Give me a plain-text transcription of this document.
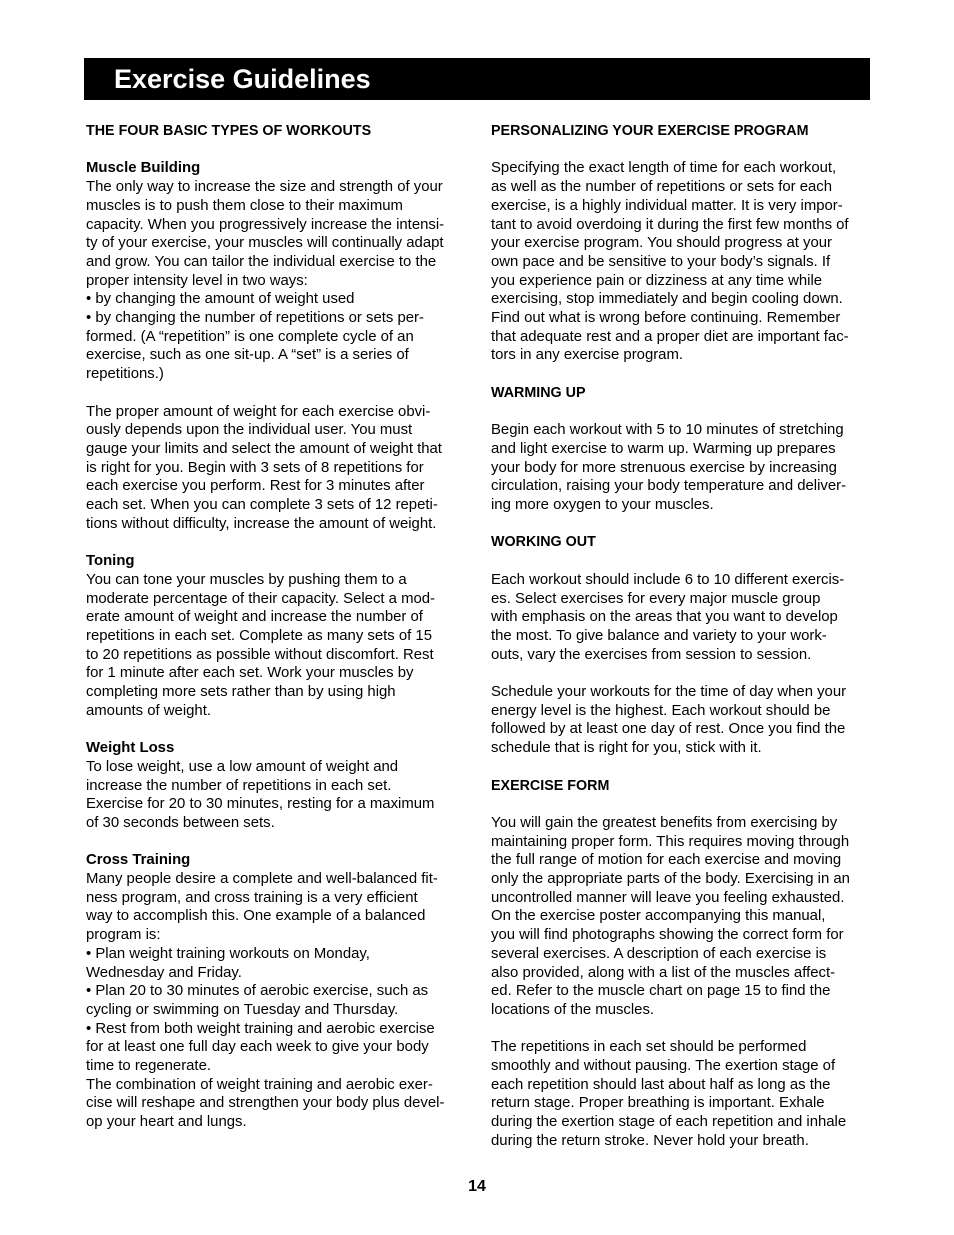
Exercise Guidelines
THE FOUR BASIC TYPES OF WORKOUTS
Muscle Building
The only way to increase the size and strength of your
muscles is to push them close to their maximum
capacity. When you progressively increase the intensi-
ty of your exercise, your muscles will continually adapt
and grow. You can tailor the individual exercise to the
proper intensity level in two ways:
• by changing the amount of weight used
• by changing the number of repetitions or sets per-
formed. (A “repetition” is one complete cycle of an
exercise, such as one sit-up. A “set” is a series of
repetitions.)
The proper amount of weight for each exercise obvi-
ously depends upon the individual user. You must
gauge your limits and select the amount of weight that
is right for you. Begin with 3 sets of 8 repetitions for
each exercise you perform. Rest for 3 minutes after
each set. When you can complete 3 sets of 12 repeti-
tions without difficulty, increase the amount of weight.
Toning
You can tone your muscles by pushing them to a
moderate percentage of their capacity. Select a mod-
erate amount of weight and increase the number of
repetitions in each set. Complete as many sets of 15
to 20 repetitions as possible without discomfort. Rest
for 1 minute after each set. Work your muscles by
completing more sets rather than by using high
amounts of weight.
Weight Loss
To lose weight, use a low amount of weight and
increase the number of repetitions in each set.
Exercise for 20 to 30 minutes, resting for a maximum
of 30 seconds between sets.
Cross Training
Many people desire a complete and well-balanced fit-
ness program, and cross training is a very efficient
way to accomplish this. One example of a balanced
program is:
• Plan weight training workouts on Monday,
Wednesday and Friday.
• Plan 20 to 30 minutes of aerobic exercise, such as
cycling or swimming on Tuesday and Thursday.
• Rest from both weight training and aerobic exercise
for at least one full day each week to give your body
time to regenerate.
The combination of weight training and aerobic exer-
cise will reshape and strengthen your body plus devel-
op your heart and lungs.
PERSONALIZING YOUR EXERCISE PROGRAM
Specifying the exact length of time for each workout,
as well as the number of repetitions or sets for each
exercise, is a highly individual matter. It is very impor-
tant to avoid overdoing it during the first few months of
your exercise program. You should progress at your
own pace and be sensitive to your body’s signals. If
you experience pain or dizziness at any time while
exercising, stop immediately and begin cooling down.
Find out what is wrong before continuing. Remember
that adequate rest and a proper diet are important fac-
tors in any exercise program.
WARMING UP
Begin each workout with 5 to 10 minutes of stretching
and light exercise to warm up. Warming up prepares
your body for more strenuous exercise by increasing
circulation, raising your body temperature and deliver-
ing more oxygen to your muscles.
WORKING OUT
Each workout should include 6 to 10 different exercis-
es. Select exercises for every major muscle group
with emphasis on the areas that you want to develop
the most. To give balance and variety to your work-
outs, vary the exercises from session to session.
Schedule your workouts for the time of day when your
energy level is the highest. Each workout should be
followed by at least one day of rest. Once you find the
schedule that is right for you, stick with it.
EXERCISE FORM
You will gain the greatest benefits from exercising by
maintaining proper form. This requires moving through
the full range of motion for each exercise and moving
only the appropriate parts of the body. Exercising in an
uncontrolled manner will leave you feeling exhausted.
On the exercise poster accompanying this manual,
you will find photographs showing the correct form for
several exercises. A description of each exercise is
also provided, along with a list of the muscles affect-
ed. Refer to the muscle chart on page 15 to find the
locations of the muscles.
The repetitions in each set should be performed
smoothly and without pausing. The exertion stage of
each repetition should last about half as long as the
return stage. Proper breathing is important. Exhale
during the exertion stage of each repetition and inhale
during the return stroke. Never hold your breath.
14
